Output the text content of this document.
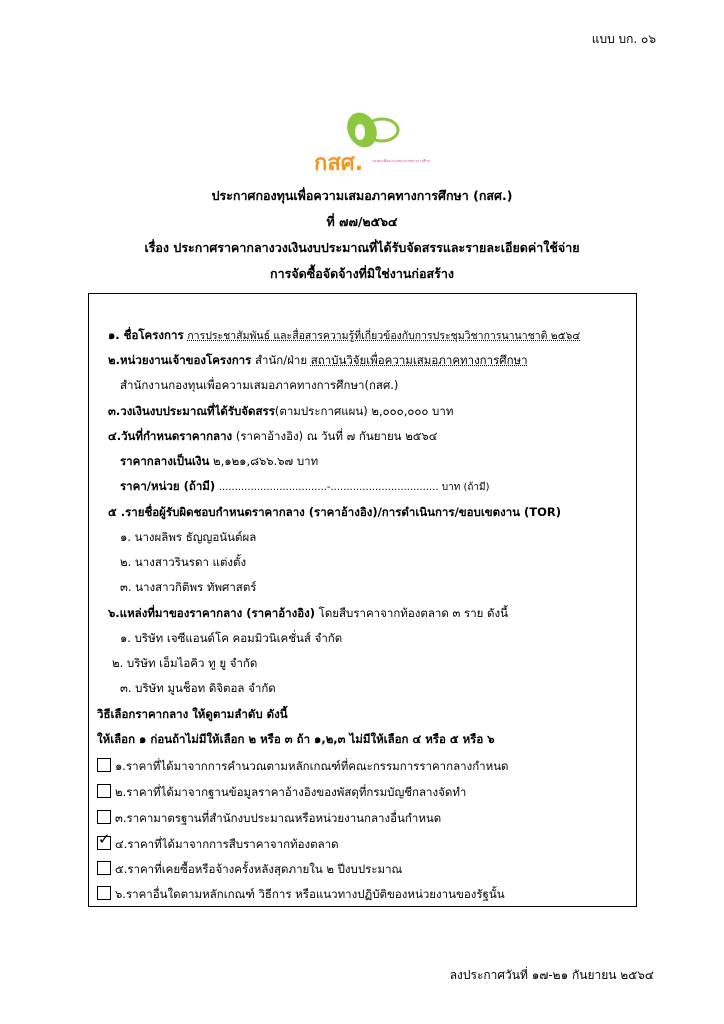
แบบ บก. ๐๖
กสศ.	กองทุนเพื่อความเสมอภาคทางการศึกษา
ประกาศกองทุนเพื่อความเสมอภาคทางการศึกษา (กสศ.)
ที่ ๗๗/๒๕๖๔
เรื่อง ประกาศราคากลางวงเงินงบประมาณที่ได้รับจัดสรรและรายละเอียดค่าใช้จ่าย
การจัดซื้อจัดจ้างที่มิใช่งานก่อสร้าง
๑. ชื่อโครงการ การประชาสัมพันธ์ และสื่อสารความรู้ที่เกี่ยวข้องกับการประชุมวิชาการนานาชาติ ๒๕๖๔
๒.หน่วยงานเจ้าของโครงการ สำนัก/ฝ่าย สถาบันวิจัยเพื่อความเสมอภาคทางการศึกษา
สำนักงานกองทุนเพื่อความเสมอภาคทางการศึกษา(กสศ.)
๓.วงเงินงบประมาณที่ได้รับจัดสรร(ตามประกาศแผน) ๒,๐๐๐,๐๐๐ บาท
๔.วันที่กำหนดราคากลาง (ราคาอ้างอิง) ณ วันที่ ๗ กันยายน ๒๕๖๔
ราคากลางเป็นเงิน ๒,๑๒๑,๘๖๖.๖๗ บาท
ราคา/หน่วย (ถ้ามี) ..................................-.................................. บาท (ถ้ามี)
๕ .รายชื่อผู้รับผิดชอบกำหนดราคากลาง (ราคาอ้างอิง)/การดำเนินการ/ขอบเขตงาน (TOR)
๑. นางผลิพร ธัญญอนันต์ผล
๒. นางสาวรินรดา แต่งตั้ง
๓. นางสาวกิติพร ทัพศาสตร์
๖.แหล่งที่มาของราคากลาง (ราคาอ้างอิง) โดยสืบราคาจากท้องตลาด ๓ ราย ดังนี้
๑. บริษัท เจซีแอนด์โค คอมมิวนิเคชั่นส์ จำกัด
๒. บริษัท เอ็มไอคิว ทู ยู จำกัด
๓. บริษัท มูนช็อท ดิจิตอล จำกัด
วิธีเลือกราคากลาง ให้ดูตามลำดับ ดังนี้
ให้เลือก ๑ ก่อนถ้าไม่มีให้เลือก ๒ หรือ ๓ ถ้า ๑,๒,๓ ไม่มีให้เลือก ๔ หรือ ๕ หรือ ๖
๑.ราคาที่ได้มาจากการคำนวณตามหลักเกณฑ์ที่คณะกรรมการราคากลางกำหนด
๒.ราคาที่ได้มาจากฐานข้อมูลราคาอ้างอิงของพัสดุที่กรมบัญชีกลางจัดทำ
๓.ราคามาตรฐานที่สำนักงบประมาณหรือหน่วยงานกลางอื่นกำหนด
✓ ๔.ราคาที่ได้มาจากการสืบราคาจากท้องตลาด
๕.ราคาที่เคยซื้อหรือจ้างครั้งหลังสุดภายใน ๒ ปีงบประมาณ
๖.ราคาอื่นใดตามหลักเกณฑ์ วิธีการ หรือแนวทางปฏิบัติของหน่วยงานของรัฐนั้น
ลงประกาศวันที่ ๑๗-๒๑ กันยายน ๒๕๖๔
